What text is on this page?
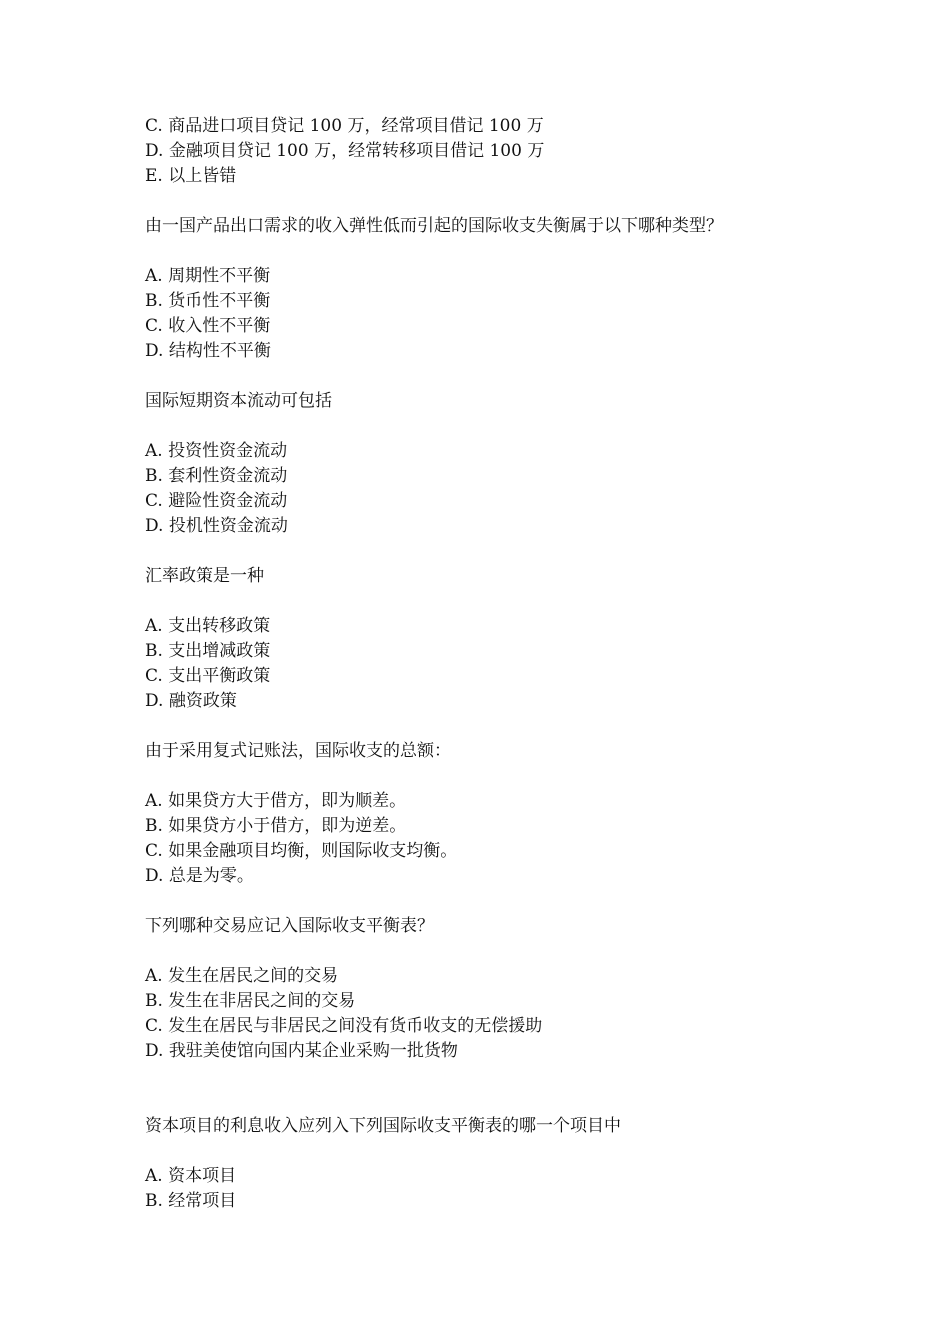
C. 商品进口项目贷记 100 万，经常项目借记 100 万
D. 金融项目贷记 100 万，经常转移项目借记 100 万
E. 以上皆错
由一国产品出口需求的收入弹性低而引起的国际收支失衡属于以下哪种类型？
A. 周期性不平衡
B. 货币性不平衡
C. 收入性不平衡
D. 结构性不平衡
国际短期资本流动可包括
A. 投资性资金流动
B. 套利性资金流动
C. 避险性资金流动
D. 投机性资金流动
汇率政策是一种
A. 支出转移政策
B. 支出增减政策
C. 支出平衡政策
D. 融资政策
由于采用复式记账法，国际收支的总额：
A. 如果贷方大于借方，即为顺差。
B. 如果贷方小于借方，即为逆差。
C. 如果金融项目均衡，则国际收支均衡。
D. 总是为零。
下列哪种交易应记入国际收支平衡表？
A. 发生在居民之间的交易
B. 发生在非居民之间的交易
C. 发生在居民与非居民之间没有货币收支的无偿援助
D. 我驻美使馆向国内某企业采购一批货物
资本项目的利息收入应列入下列国际收支平衡表的哪一个项目中
A. 资本项目
B. 经常项目
